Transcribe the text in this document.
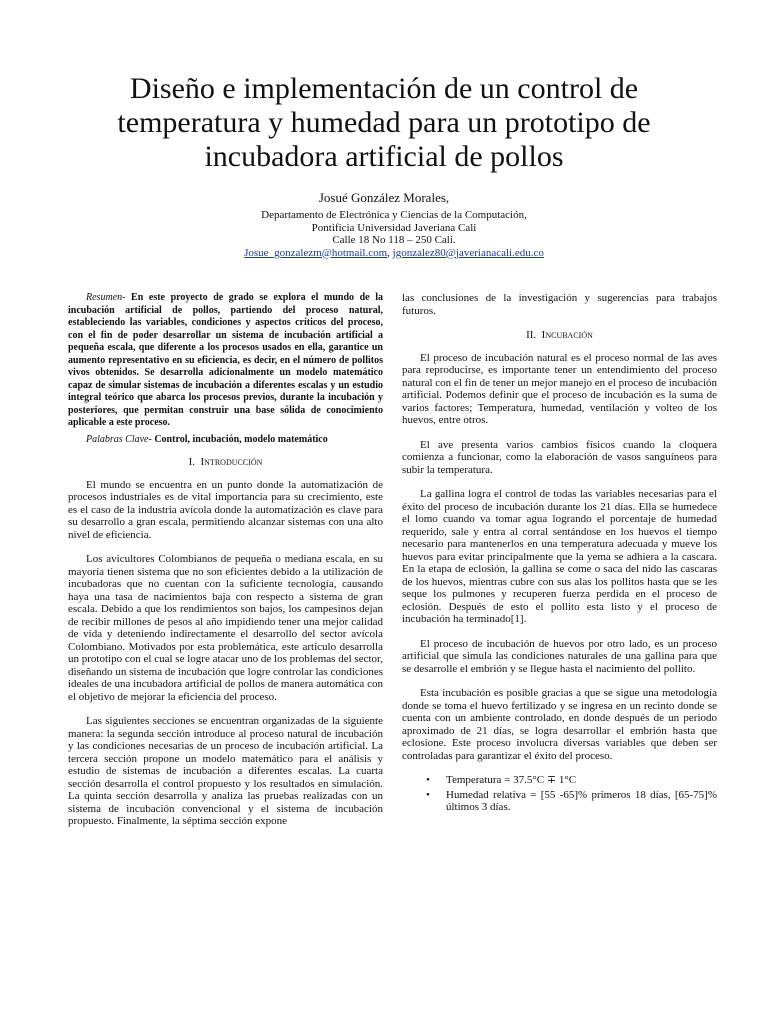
Diseño e implementación de un control de temperatura y humedad para un prototipo de incubadora artificial de pollos
Josué González Morales,
Departamento de Electrónica y Ciencias de la Computación,
Pontificia Universidad Javeriana Cali
Calle 18 No 118 – 250 Cali.
Josue_gonzalezm@hotmail.com, jgonzalez80@javerianacali.edu.co

Resumen- En este proyecto de grado se explora el mundo de la incubación artificial de pollos, partiendo del proceso natural, estableciendo las variables, condiciones y aspectos críticos del proceso, con el fin de poder desarrollar un sistema de incubación artificial a pequeña escala, que diferente a los procesos usados en ella, garantice un aumento representativo en su eficiencia, es decir, en el número de pollitos vivos obtenidos. Se desarrolla adicionalmente un modelo matemático capaz de simular sistemas de incubación a diferentes escalas y un estudio integral teórico que abarca los procesos previos, durante la incubación y posteriores, que permitan construir una base sólida de conocimiento aplicable a este proceso.

Palabras Clave- Control, incubación, modelo matemático

I. Introducción

El mundo se encuentra en un punto donde la automatización de procesos industriales es de vital importancia para su crecimiento, este es el caso de la industria avícola donde la automatización es clave para su desarrollo a gran escala, permitiendo alcanzar sistemas con una alto nivel de eficiencia.

Los avicultores Colombianos de pequeña o mediana escala, en su mayoría tienen sistema que no son eficientes debido a la utilización de incubadoras que no cuentan con la suficiente tecnología, causando haya una tasa de nacimientos baja con respecto a sistema de gran escala. Debido a que los rendimientos son bajos, los campesinos dejan de recibir millones de pesos al año impidiendo tener una mejor calidad de vida y deteniendo indirectamente el desarrollo del sector avícola Colombiano. Motivados por esta problemática, este artículo desarrolla un prototipo con el cual se logre atacar uno de los problemas del sector, diseñando un sistema de incubación que logre controlar las condiciones ideales de una incubadora artificial de pollos de manera automática con el objetivo de mejorar la eficiencia del proceso.

Las siguientes secciones se encuentran organizadas de la siguiente manera: la segunda sección introduce al proceso natural de incubación y las condiciones necesarias de un proceso de incubación artificial. La tercera sección propone un modelo matemático para el análisis y estudio de sistemas de incubación a diferentes escalas. La cuarta sección desarrolla el control propuesto y los resultados en simulación. La quinta sección desarrolla y analiza las pruebas realizadas con un sistema de incubación convencional y el sistema de incubación propuesto. Finalmente, la séptima sección expone

las conclusiones de la investigación y sugerencias para trabajos futuros.

II. Incubación

El proceso de incubación natural es el proceso normal de las aves para reproducirse, es importante tener un entendimiento del proceso natural con el fin de tener un mejor manejo en el proceso de incubación artificial. Podemos definir que el proceso de incubación es la suma de varios factores; Temperatura, humedad, ventilación y volteo de los huevos, entre otros.

El ave presenta varios cambios físicos cuando la cloquera comienza a funcionar, como la elaboración de vasos sanguíneos para subir la temperatura.

La gallina logra el control de todas las variables necesarias para el éxito del proceso de incubación durante los 21 días. Ella se humedece el lomo cuando va tomar agua logrando el porcentaje de humedad requerido, sale y entra al corral sentándose en los huevos el tiempo necesario para mantenerlos en una temperatura adecuada y mueve los huevos para evitar principalmente que la yema se adhiera a la cascara. En la etapa de eclosión, la gallina se come o saca del nido las cascaras de los huevos, mientras cubre con sus alas los pollitos hasta que se les seque los pulmones y recuperen fuerza perdida en el proceso de eclosión. Después de esto el pollito esta listo y el proceso de incubación ha terminado[1].

El proceso de incubación de huevos por otro lado, es un proceso artificial que simula las condiciones naturales de una gallina para que se desarrolle el embrión y se llegue hasta el nacimiento del pollito.

Esta incubación es posible gracias a que se sigue una metodología donde se toma el huevo fertilizado y se ingresa en un recinto donde se cuenta con un ambiente controlado, en donde después de un periodo aproximado de 21 días, se logra desarrollar el embrión hasta que eclosione. Este proceso involucra diversas variables que deben ser controladas para garantizar el éxito del proceso.

• Temperatura = 37.5°C ∓ 1°C
• Humedad relativa = [55 -65]% primeros 18 días, [65-75]% últimos 3 días.
